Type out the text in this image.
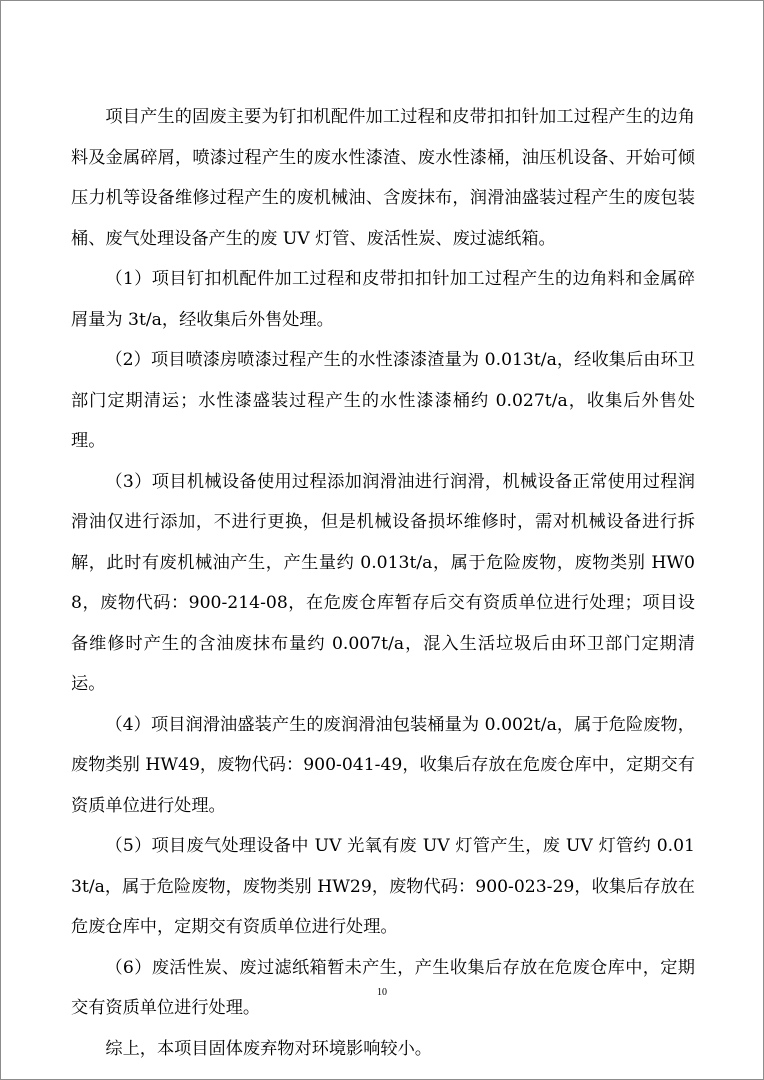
项目产生的固废主要为钉扣机配件加工过程和皮带扣扣针加工过程产生的边角料及金属碎屑，喷漆过程产生的废水性漆渣、废水性漆桶，油压机设备、开始可倾压力机等设备维修过程产生的废机械油、含废抹布，润滑油盛装过程产生的废包装桶、废气处理设备产生的废 UV 灯管、废活性炭、废过滤纸箱。

（1）项目钉扣机配件加工过程和皮带扣扣针加工过程产生的边角料和金属碎屑量为 3t/a，经收集后外售处理。

（2）项目喷漆房喷漆过程产生的水性漆漆渣量为 0.013t/a，经收集后由环卫部门定期清运；水性漆盛装过程产生的水性漆漆桶约 0.027t/a，收集后外售处理。

（3）项目机械设备使用过程添加润滑油进行润滑，机械设备正常使用过程润滑油仅进行添加，不进行更换，但是机械设备损坏维修时，需对机械设备进行拆解，此时有废机械油产生，产生量约 0.013t/a，属于危险废物，废物类别 HW08，废物代码：900-214-08，在危废仓库暂存后交有资质单位进行处理；项目设备维修时产生的含油废抹布量约 0.007t/a，混入生活垃圾后由环卫部门定期清运。

（4）项目润滑油盛装产生的废润滑油包装桶量为 0.002t/a，属于危险废物，废物类别 HW49，废物代码：900-041-49，收集后存放在危废仓库中，定期交有资质单位进行处理。

（5）项目废气处理设备中 UV 光氧有废 UV 灯管产生，废 UV 灯管约 0.013t/a，属于危险废物，废物类别 HW29，废物代码：900-023-29，收集后存放在危废仓库中，定期交有资质单位进行处理。

（6）废活性炭、废过滤纸箱暂未产生，产生收集后存放在危废仓库中，定期交有资质单位进行处理。

综上，本项目固体废弃物对环境影响较小。

10
